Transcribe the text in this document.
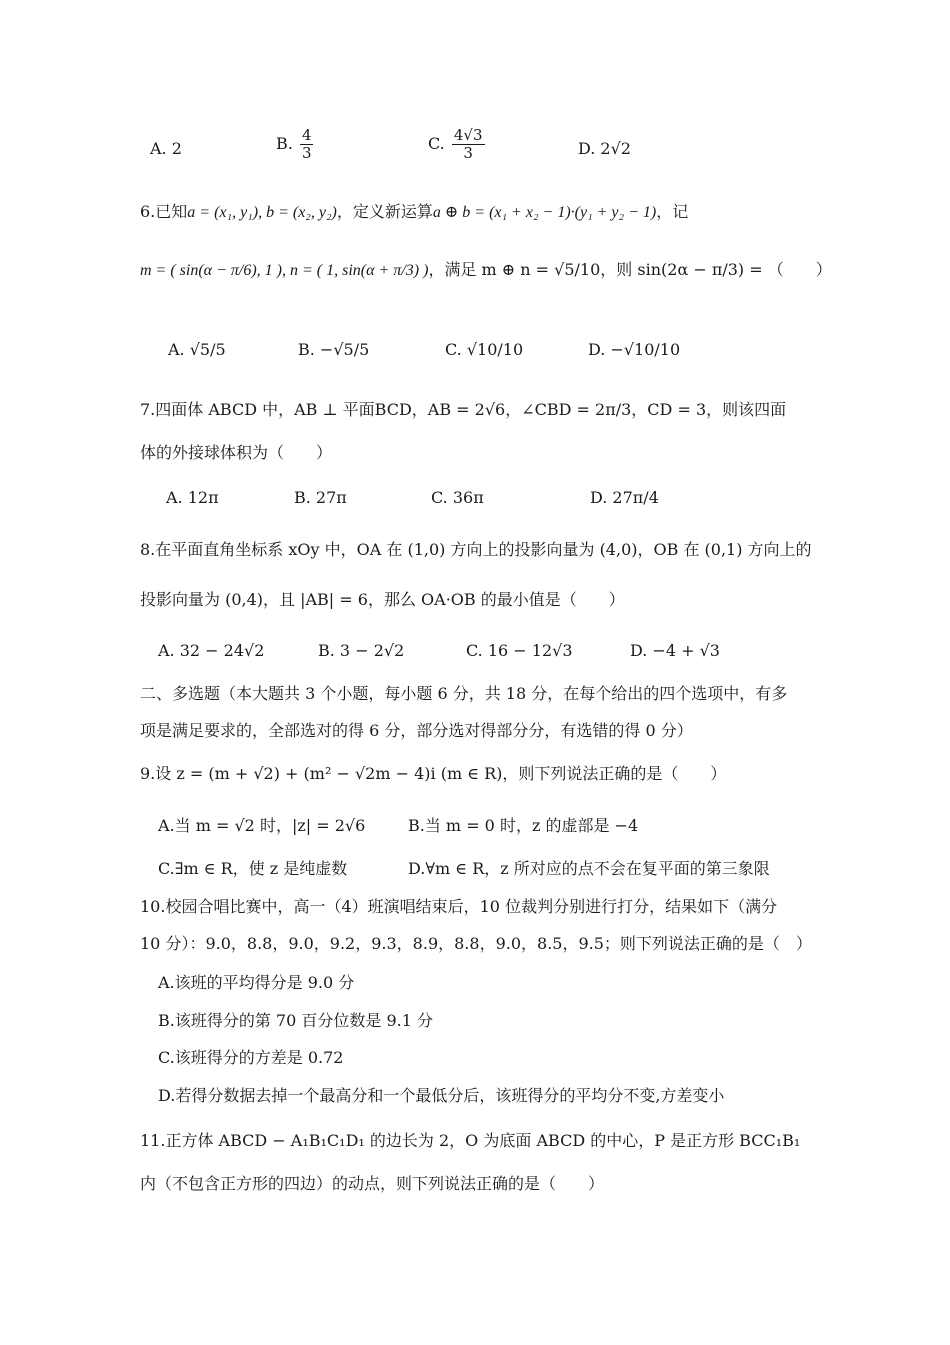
A. 2	B. $\frac{4}{3}$	C. $\frac{4√3}{3}$	D. 2√2
6.已知a = (x₁, y₁), b = (x₂, y₂)，定义新运算a ⊕ b = (x₁ + x₂ − 1)·(y₁ + y₂ − 1)，记
m = ( sin(α − π/6), 1 ), n = ( 1, sin(α + π/3) )，满足 m ⊕ n = √5/10，则 sin(2α − π/3) = （　　）
A. √5/5	B. −√5/5	C. √10/10	D. −√10/10
7.四面体 ABCD 中，AB ⊥ 平面BCD，AB = 2√6，∠CBD = 2π/3，CD = 3，则该四面
体的外接球体积为（　　）
A. 12π	B. 27π	C. 36π	D. 27π/4
8.在平面直角坐标系 xOy 中，OA 在 (1,0) 方向上的投影向量为 (4,0)，OB 在 (0,1) 方向上的
投影向量为 (0,4)，且 |AB| = 6，那么 OA·OB 的最小值是（　　）
A. 32 − 24√2	B. 3 − 2√2	C. 16 − 12√3	D. −4 + √3
二、多选题（本大题共 3 个小题，每小题 6 分，共 18 分，在每个给出的四个选项中，有多
项是满足要求的，全部选对的得 6 分，部分选对得部分分，有选错的得 0 分）
9.设 z = (m + √2) + (m² − √2m − 4)i (m ∈ R)，则下列说法正确的是（　　）
A.当 m = √2 时，|z| = 2√6	B.当 m = 0 时，z 的虚部是 −4
C.∃m ∈ R，使 z 是纯虚数	D.∀m ∈ R，z 所对应的点不会在复平面的第三象限
10.校园合唱比赛中，高一（4）班演唱结束后，10 位裁判分别进行打分，结果如下（满分
10 分）：9.0，8.8，9.0，9.2，9.3，8.9，8.8，9.0，8.5，9.5；则下列说法正确的是（　）
A.该班的平均得分是 9.0 分
B.该班得分的第 70 百分位数是 9.1 分
C.该班得分的方差是 0.72
D.若得分数据去掉一个最高分和一个最低分后，该班得分的平均分不变,方差变小
11.正方体 ABCD − A₁B₁C₁D₁ 的边长为 2，O 为底面 ABCD 的中心，P 是正方形 BCC₁B₁
内（不包含正方形的四边）的动点，则下列说法正确的是（　　）
